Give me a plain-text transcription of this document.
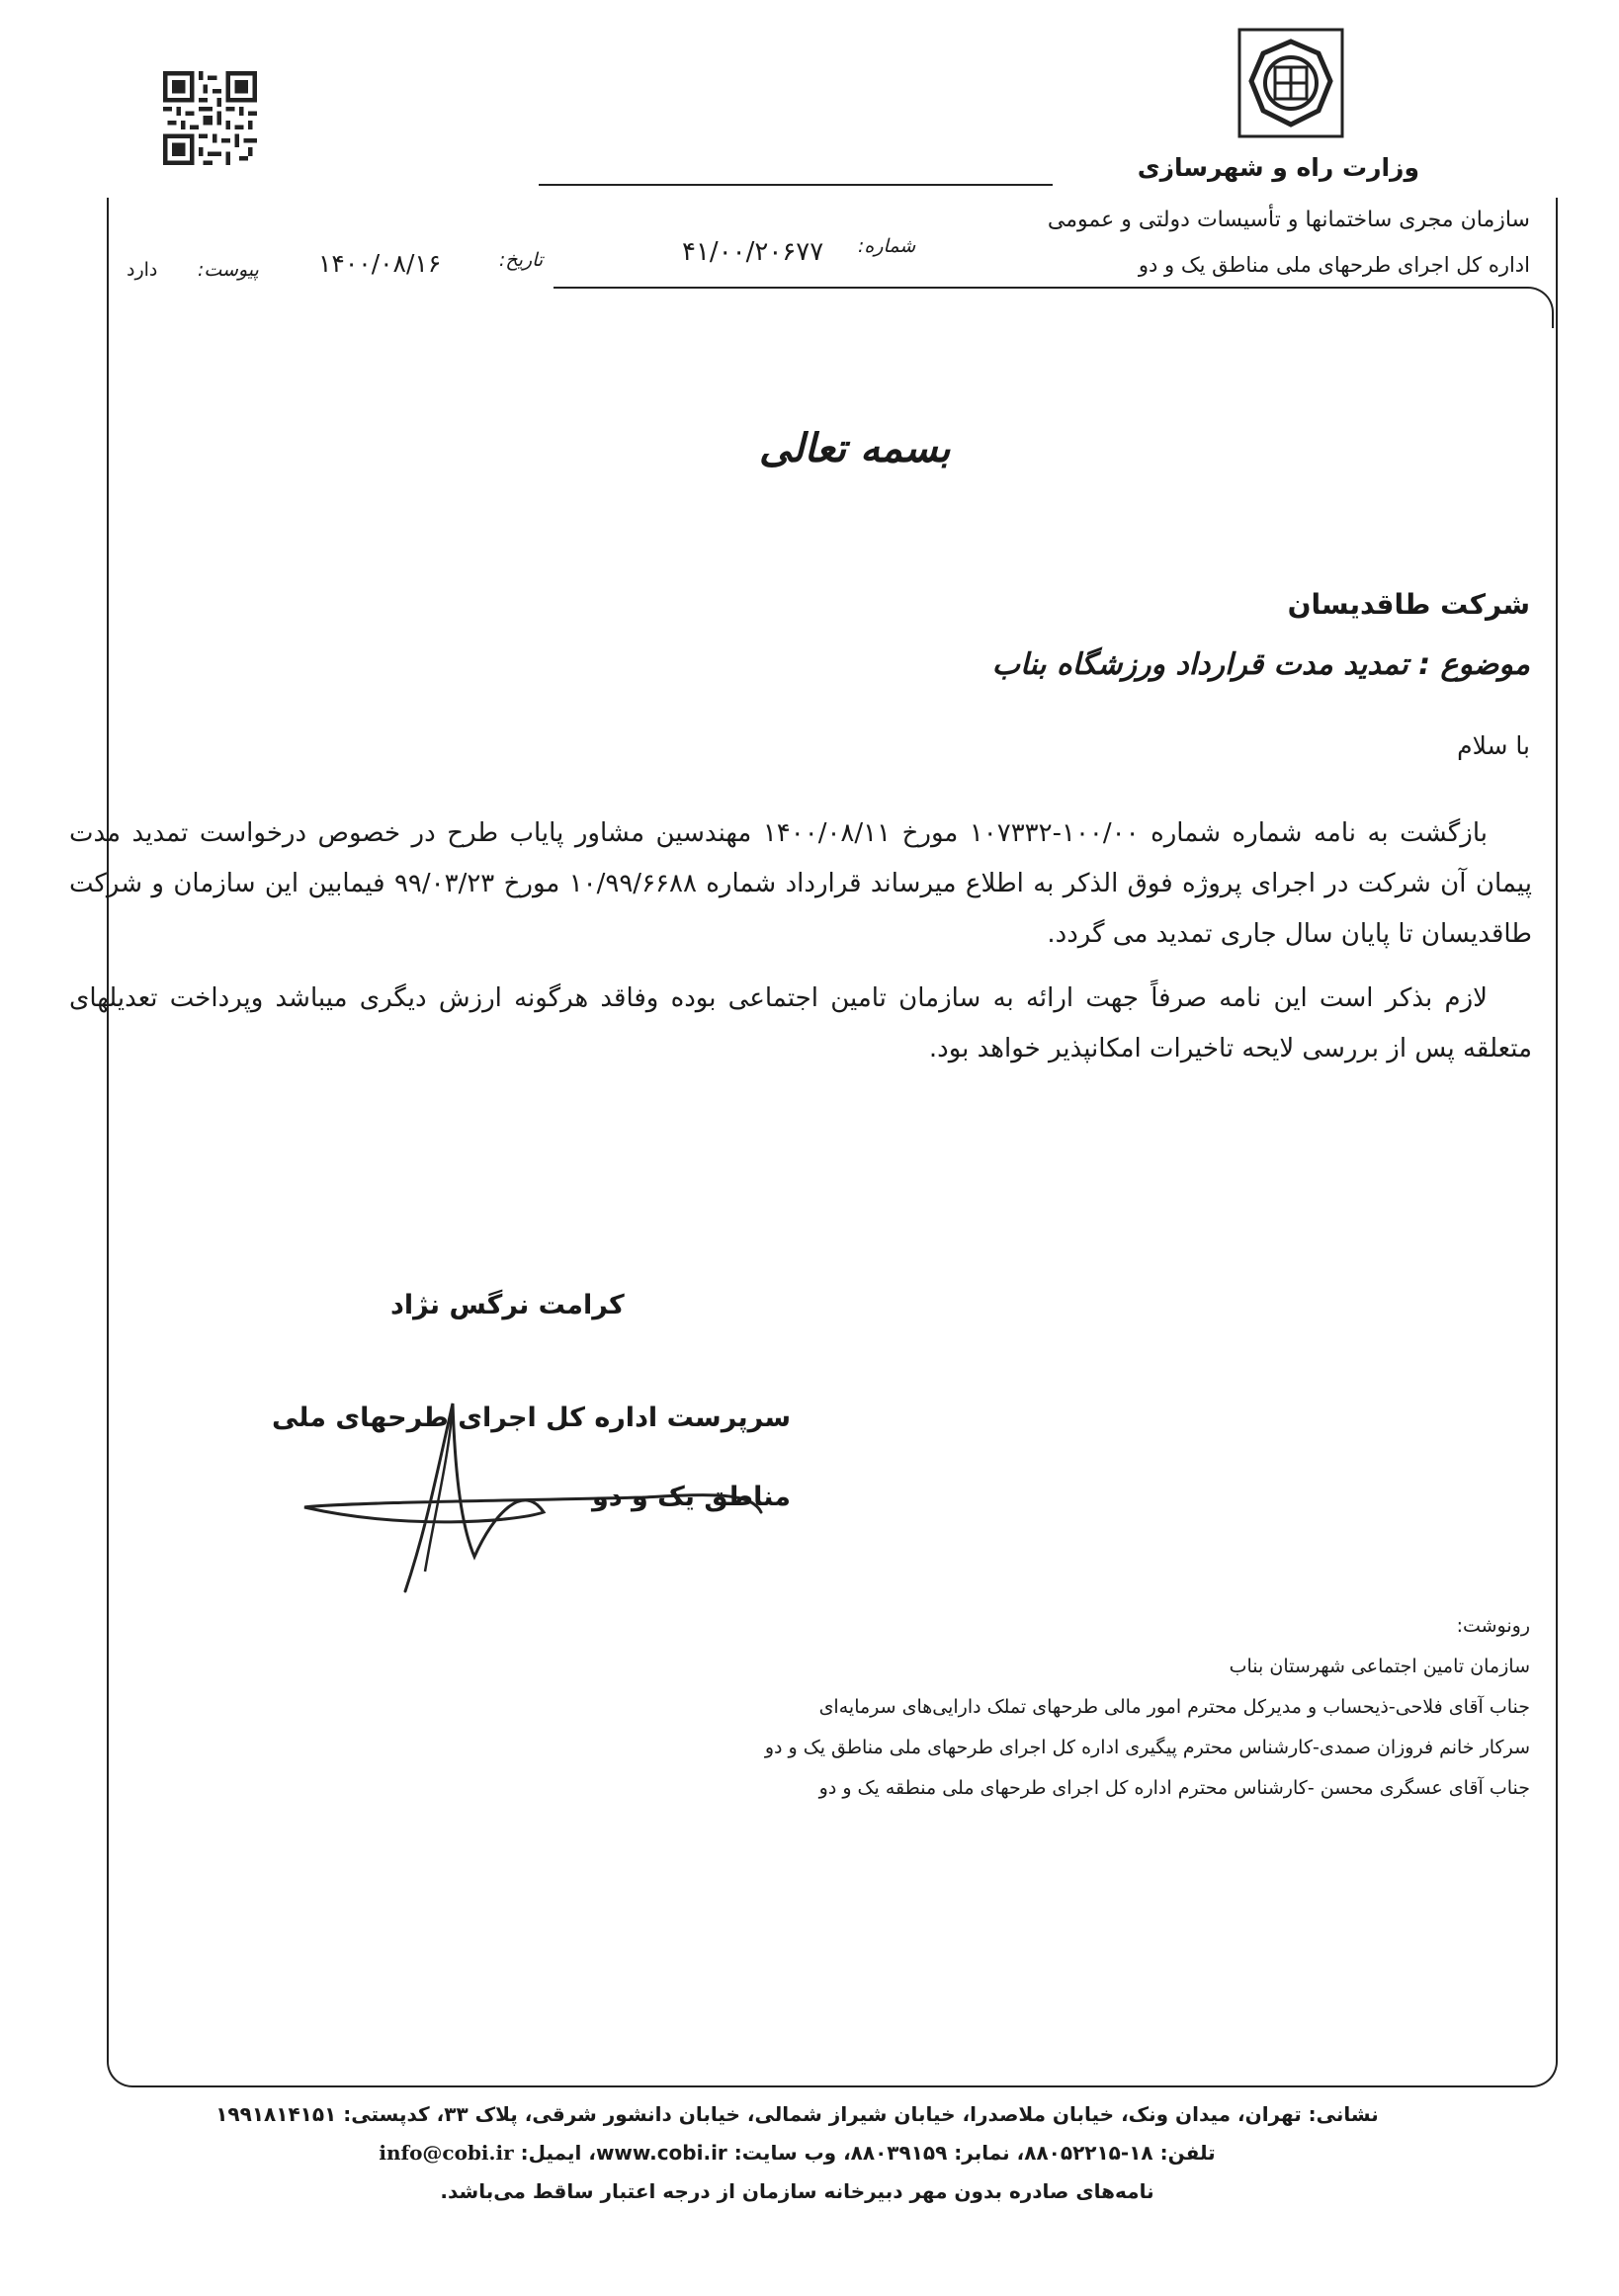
وزارت راه و شهرسازی
سازمان مجری ساختمانها و تأسیسات دولتی و عمومی
اداره کل اجرای طرحهای ملی مناطق یک و دو
شماره:
۴۱/۰۰/۲۰۶۷۷
تاریخ:
۱۴۰۰/۰۸/۱۶
پیوست:
دارد
بسمه تعالی
شرکت طاقدیسان
موضوع : تمدید مدت قرارداد ورزشگاه بناب
با سلام

بازگشت به نامه شماره شماره ۱۰۰/۰۰-۱۰۷۳۳۲ مورخ ۱۴۰۰/۰۸/۱۱ مهندسین مشاور پایاب طرح در خصوص درخواست تمدید مدت پیمان آن شرکت در اجرای پروژه فوق الذکر به اطلاع میرساند قرارداد شماره ۱۰/۹۹/۶۶۸۸ مورخ ۹۹/۰۳/۲۳ فیمابین این سازمان و شرکت طاقدیسان تا پایان سال جاری تمدید می گردد.

لازم بذکر است این نامه صرفاً جهت ارائه به سازمان تامین اجتماعی بوده وفاقد هرگونه ارزش دیگری میباشد وپرداخت تعدیلهای متعلقه پس از بررسی لایحه تاخیرات امکانپذیر خواهد بود.

کرامت نرگس نژاد
سرپرست اداره کل اجرای طرحهای ملی مناطق یک و دو
رونوشت:
سازمان تامین اجتماعی شهرستان بناب
جناب آقای فلاحی-ذیحساب و مدیرکل محترم امور مالی طرحهای تملک دارایی‌های سرمایه‌ای
سرکار خانم فروزان صمدی-کارشناس محترم پیگیری اداره کل اجرای طرحهای ملی مناطق یک و دو
جناب آقای عسگری محسن -کارشناس محترم اداره کل اجرای طرحهای ملی منطقه یک و دو
نشانی: تهران، میدان ونک، خیابان ملاصدرا، خیابان شیراز شمالی، خیابان دانشور شرقی، پلاک ۳۳، کدپستی: ۱۹۹۱۸۱۴۱۵۱
تلفن: ۱۸-۸۸۰۵۲۲۱۵، نمابر: ۸۸۰۳۹۱۵۹، وب سایت: www.cobi.ir، ایمیل: info@cobi.ir
نامه‌های صادره بدون مهر دبیرخانه سازمان از درجه اعتبار ساقط می‌باشد.
